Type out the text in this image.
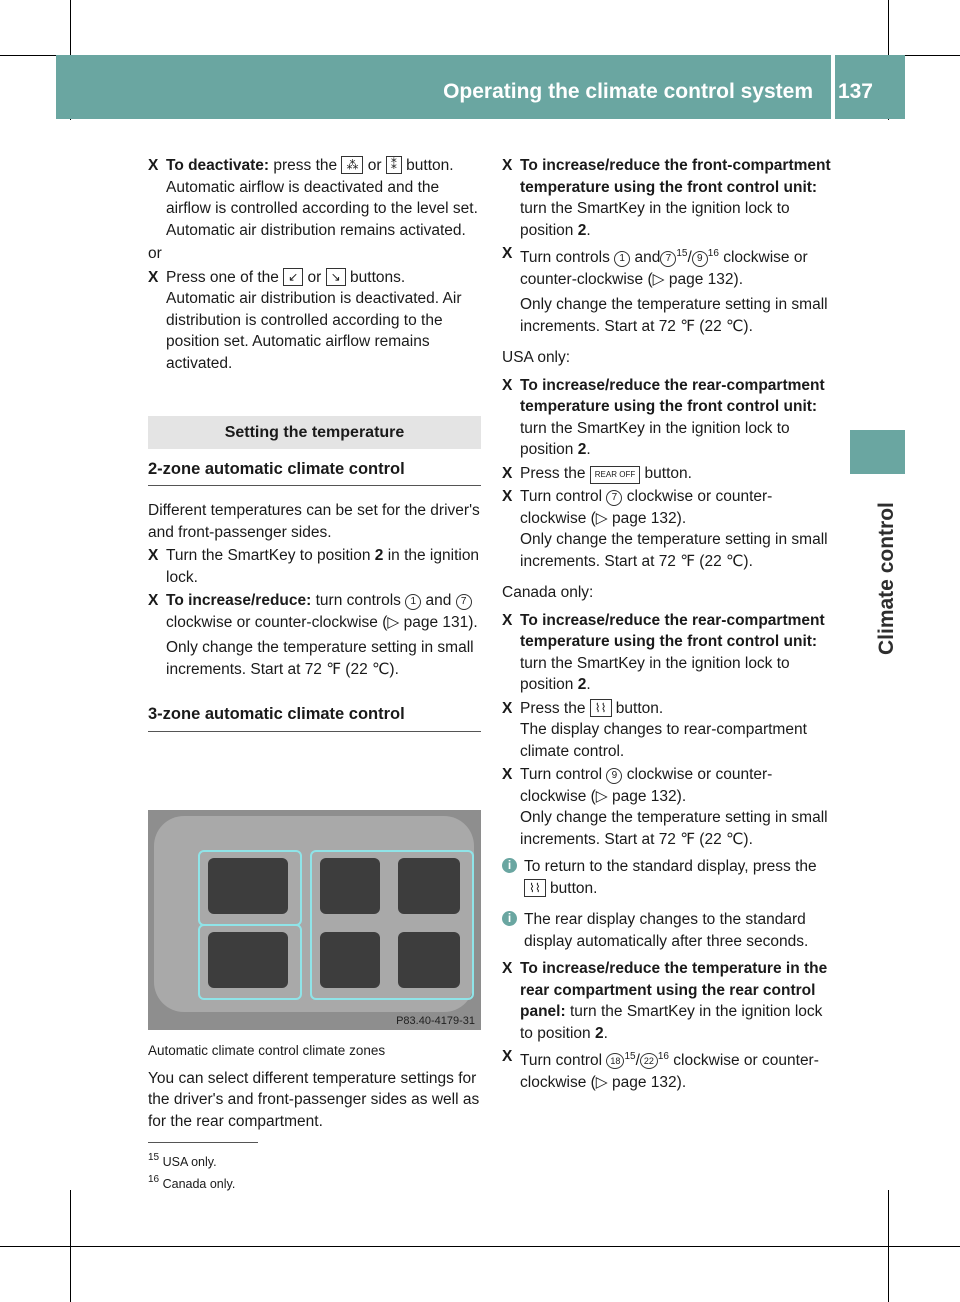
Operating the climate control system 137
Climate control

X To deactivate: press the ⁂ or ⁑ button.
Automatic airflow is deactivated and the airflow is controlled according to the level set. Automatic air distribution remains activated.

or

X Press one of the ↙ or ↘ buttons.
Automatic air distribution is deactivated. Air distribution is controlled according to the position set. Automatic airflow remains activated.

Setting the temperature
2-zone automatic climate control

Different temperatures can be set for the driver's and front-passenger sides.

X Turn the SmartKey to position 2 in the ignition lock.

X To increase/reduce: turn controls 1 and 7 clockwise or counter-clockwise (▷ page 131).

Only change the temperature setting in small increments. Start at 72 ℉ (22 ℃).

3-zone automatic climate control
P83.40-4179-31

Automatic climate control climate zones

You can select different temperature settings for the driver's and front-passenger sides as well as for the rear compartment.

$^{15}$ USA only.
$^{16}$ Canada only.

X To increase/reduce the front-compartment temperature using the front control unit: turn the SmartKey in the ignition lock to position 2.

X Turn controls 1 and 7 $^{15}$/ 9 $^{16}$ clockwise or counter-clockwise (▷ page 132).

Only change the temperature setting in small increments. Start at 72 ℉ (22 ℃).

USA only:

X To increase/reduce the rear-compartment temperature using the front control unit: turn the SmartKey in the ignition lock to position 2.

X Press the REAR OFF button.

X Turn control 7 clockwise or counter-clockwise (▷ page 132).
Only change the temperature setting in small increments. Start at 72 ℉ (22 ℃).

Canada only:

X To increase/reduce the rear-compartment temperature using the front control unit: turn the SmartKey in the ignition lock to position 2.

X Press the ⌇⌇ button.
The display changes to rear-compartment climate control.

X Turn control 9 clockwise or counter-clockwise (▷ page 132).
Only change the temperature setting in small increments. Start at 72 ℉ (22 ℃).

i To return to the standard display, press the ⌇⌇ button.

i The rear display changes to the standard display automatically after three seconds.

X To increase/reduce the temperature in the rear compartment using the rear control panel: turn the SmartKey in the ignition lock to position 2.

X Turn control 18 $^{15}$/ 22 $^{16}$ clockwise or counter-clockwise (▷ page 132).
